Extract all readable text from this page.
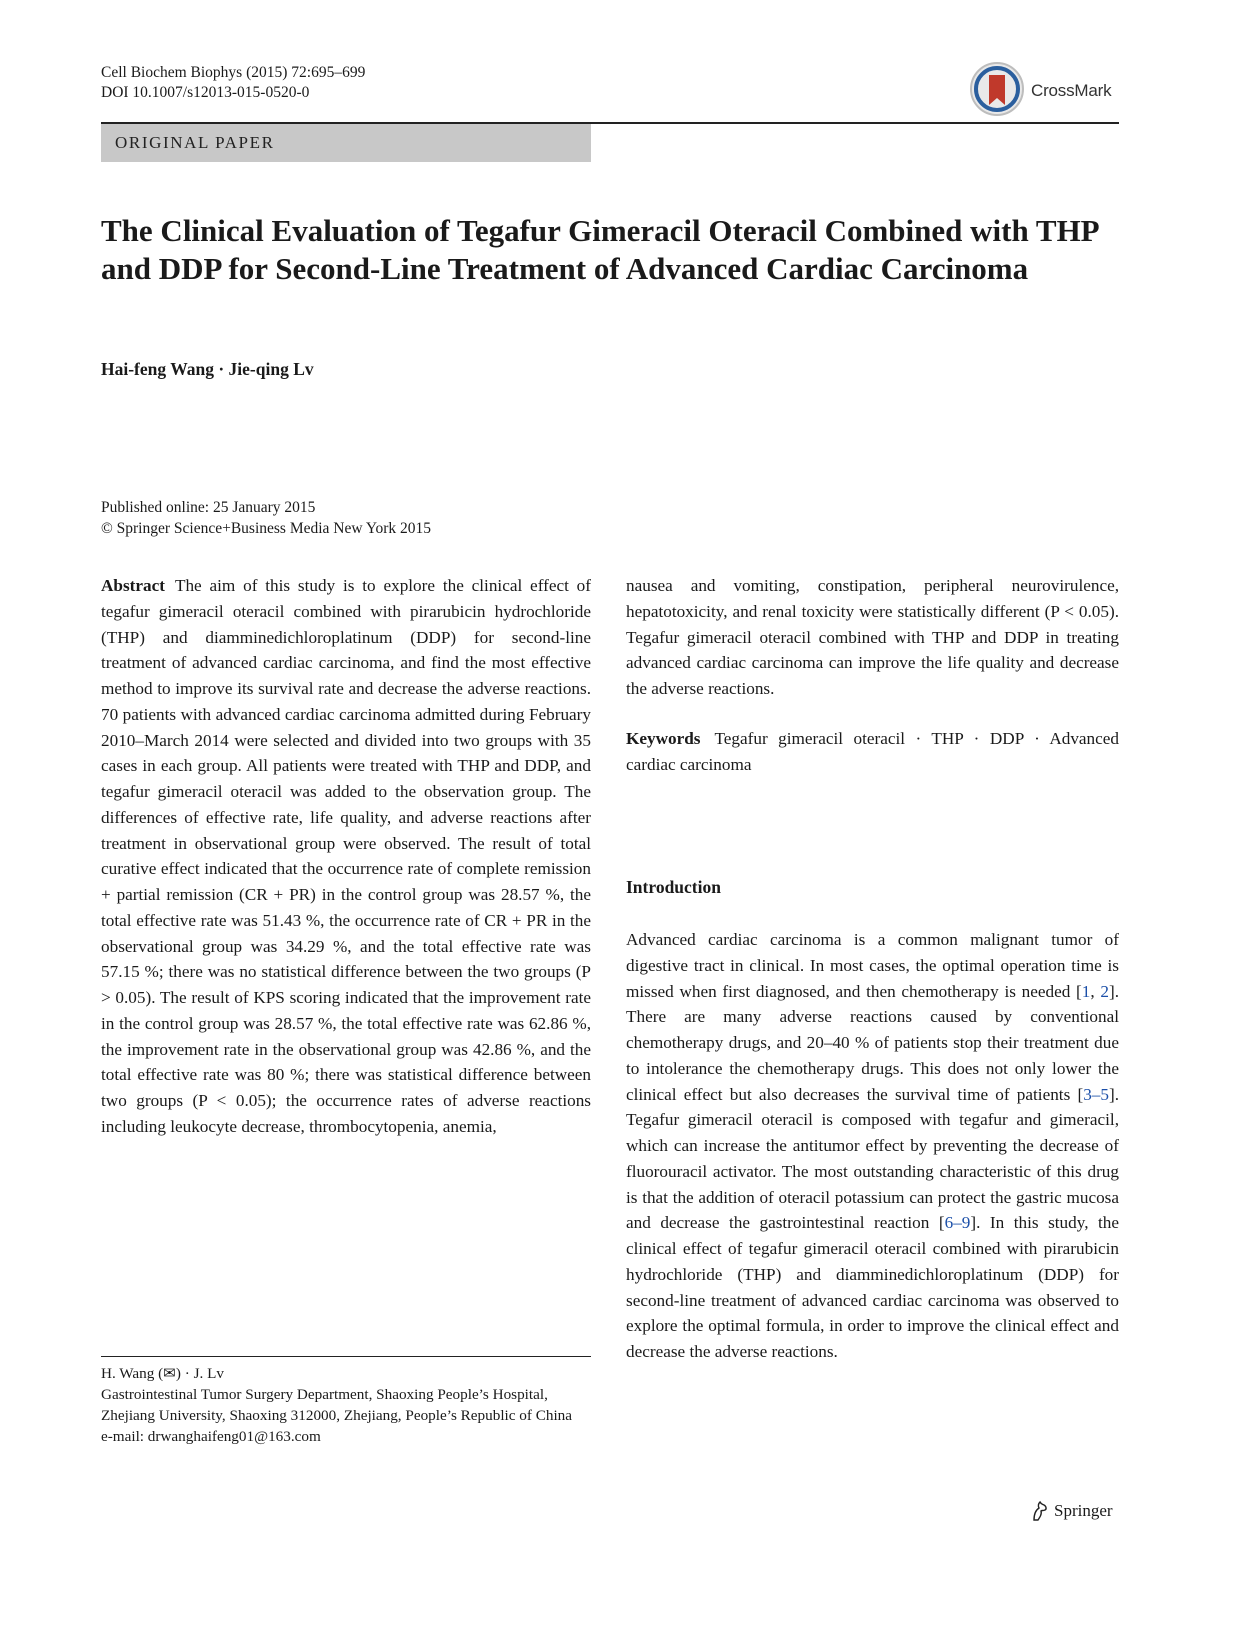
Cell Biochem Biophys (2015) 72:695–699
DOI 10.1007/s12013-015-0520-0	CrossMark
ORIGINAL PAPER
The Clinical Evaluation of Tegafur Gimeracil Oteracil Combined with THP and DDP for Second-Line Treatment of Advanced Cardiac Carcinoma
Hai-feng Wang · Jie-qing Lv
Published online: 25 January 2015
© Springer Science+Business Media New York 2015
Abstract The aim of this study is to explore the clinical effect of tegafur gimeracil oteracil combined with pirarubicin hydrochloride (THP) and diamminedichloroplatinum (DDP) for second-line treatment of advanced cardiac carcinoma, and find the most effective method to improve its survival rate and decrease the adverse reactions. 70 patients with advanced cardiac carcinoma admitted during February 2010–March 2014 were selected and divided into two groups with 35 cases in each group. All patients were treated with THP and DDP, and tegafur gimeracil oteracil was added to the observation group. The differences of effective rate, life quality, and adverse reactions after treatment in observational group were observed. The result of total curative effect indicated that the occurrence rate of complete remission + partial remission (CR + PR) in the control group was 28.57 %, the total effective rate was 51.43 %, the occurrence rate of CR + PR in the observational group was 34.29 %, and the total effective rate was 57.15 %; there was no statistical difference between the two groups (P > 0.05). The result of KPS scoring indicated that the improvement rate in the control group was 28.57 %, the total effective rate was 62.86 %, the improvement rate in the observational group was 42.86 %, and the total effective rate was 80 %; there was statistical difference between two groups (P < 0.05); the occurrence rates of adverse reactions including leukocyte decrease, thrombocytopenia, anemia,
nausea and vomiting, constipation, peripheral neurovirulence, hepatotoxicity, and renal toxicity were statistically different (P < 0.05). Tegafur gimeracil oteracil combined with THP and DDP in treating advanced cardiac carcinoma can improve the life quality and decrease the adverse reactions.
Keywords Tegafur gimeracil oteracil · THP · DDP · Advanced cardiac carcinoma
Introduction
Advanced cardiac carcinoma is a common malignant tumor of digestive tract in clinical. In most cases, the optimal operation time is missed when first diagnosed, and then chemotherapy is needed [1, 2]. There are many adverse reactions caused by conventional chemotherapy drugs, and 20–40 % of patients stop their treatment due to intolerance the chemotherapy drugs. This does not only lower the clinical effect but also decreases the survival time of patients [3–5]. Tegafur gimeracil oteracil is composed with tegafur and gimeracil, which can increase the antitumor effect by preventing the decrease of fluorouracil activator. The most outstanding characteristic of this drug is that the addition of oteracil potassium can protect the gastric mucosa and decrease the gastrointestinal reaction [6–9]. In this study, the clinical effect of tegafur gimeracil oteracil combined with pirarubicin hydrochloride (THP) and diamminedichloroplatinum (DDP) for second-line treatment of advanced cardiac carcinoma was observed to explore the optimal formula, in order to improve the clinical effect and decrease the adverse reactions.
H. Wang (✉) · J. Lv
Gastrointestinal Tumor Surgery Department, Shaoxing People’s Hospital, Zhejiang University, Shaoxing 312000, Zhejiang, People’s Republic of China
e-mail: drwanghaifeng01@163.com
Springer
